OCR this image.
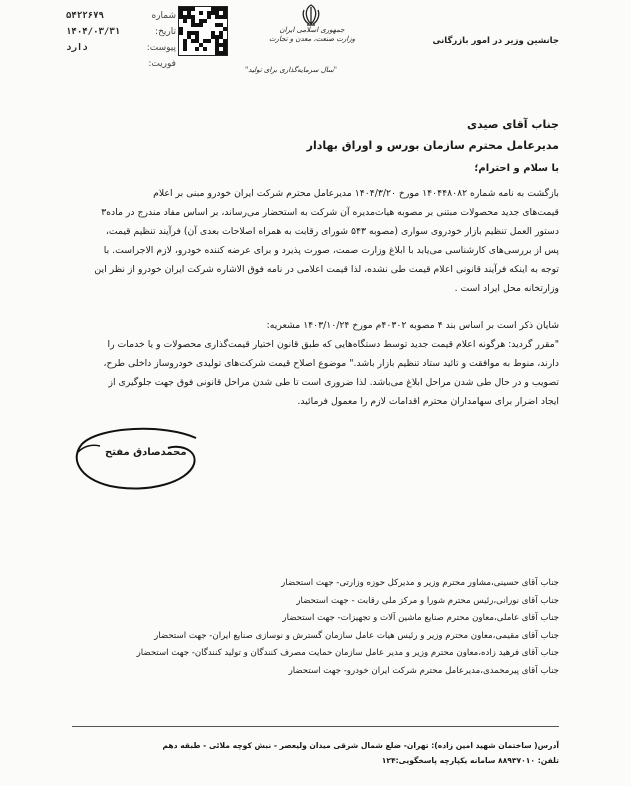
شماره
۵۴۲۲۶۷۹
تاریخ:
۱۴۰۴/۰۳/۳۱
پیوست:
دارد
فوریت:
جمهوری اسلامی ایران
وزارت صنعت، معدن و تجارت
"سال سرمایه‌گذاری برای تولید"
جانشین وزیر در امور بازرگانی
جناب آقای صیدی
مدیرعامل محترم سازمان بورس و اوراق بهادار
با سلام و احترام؛
بازگشت به نامه شماره ۱۴۰۴۴۸۰۸۲ مورخ ۱۴۰۴/۳/۲۰ مدیرعامل محترم شرکت ایران خودرو مبنی بر اعلام
قیمت‌های جدید محصولات مبتنی بر مصوبه هیات‌مدیره آن شرکت به استحضار می‌رساند، بر اساس مفاد مندرج در ماده۳
دستور العمل تنظیم بازار خودروی سواری (مصوبه ۵۴۳ شورای رقابت به همراه اصلاحات بعدی آن) فرآیند تنظیم قیمت،
پس از بررسی‌های کارشناسی می‌یابد با ابلاغ وزارت صمت، صورت پذیرد و برای عرضه کننده خودرو، لازم الاجراست. با
توجه به اینکه فرآیند قانونی اعلام قیمت طی نشده، لذا قیمت اعلامی در نامه فوق الاشاره شرکت ایران خودرو از نظر این
وزارتخانه محل ایراد است .
شایان ذکر است بر اساس بند ۴ مصوبه ۴۰۳۰۲م مورخ ۱۴۰۳/۱۰/۲۴ مشعریه:
"مقرر گردید: هرگونه اعلام قیمت جدید توسط دستگاه‌هایی که طبق قانون اختیار قیمت‌گذاری محصولات و یا خدمات را
دارند، منوط به موافقت و تائید ستاد تنظیم بازار باشد." موضوع اصلاح قیمت شرکت‌های تولیدی خودروساز داخلی طرح،
تصویب و در حال طی شدن مراحل ابلاغ می‌باشد. لذا ضروری است تا طی شدن مراحل قانونی فوق جهت جلوگیری از
ایجاد اضرار برای سهامداران محترم اقدامات لازم را معمول فرمائید.
محمدصادق مفتح
جناب آقای حسینی،مشاور محترم وزیر و مدیرکل حوزه وزارتی- جهت استحضار
جناب آقای نورانی،رئیس محترم شورا و مرکز ملی رقابت - جهت استحضار
جناب آقای عاملی،معاون محترم صنایع ماشین آلات و تجهیزات- جهت استحضار
جناب آقای مقیمی،معاون محترم وزیر و رئیس هیات عامل سازمان گسترش و نوسازی صنایع ایران- جهت استحضار
جناب آقای فرهید زاده،معاون محترم وزیر و مدیر عامل سازمان حمایت مصرف کنندگان و تولید کنندگان- جهت استحضار
جناب آقای پیرمحمدی،مدیرعامل محترم شرکت ایران خودرو- جهت استحضار
آدرس( ساختمان شهید امین زاده): تهران- ضلع شمال شرقی میدان ولیعصر - نبش کوچه ملائی - طبقه دهم
تلفن: ۸۸۹۳۷۰۱۰ سامانه یکپارچه پاسخگویی:۱۲۴
